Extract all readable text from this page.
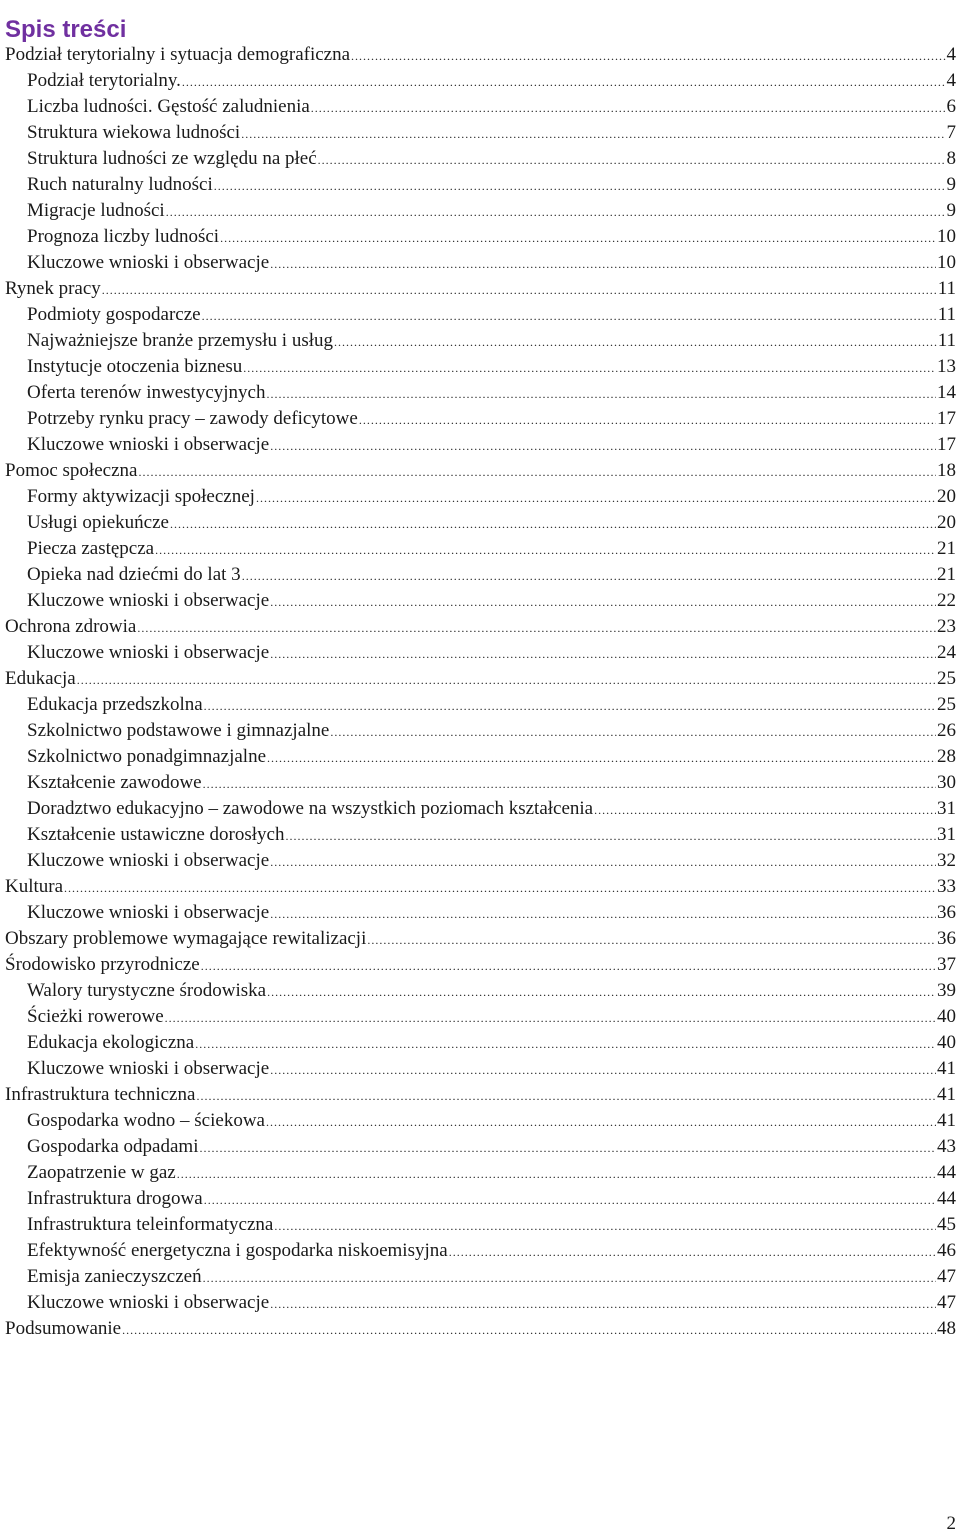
Spis treści
Podział terytorialny i sytuacja demograficzna .....	4
Podział terytorialny. .....	4
Liczba ludności. Gęstość zaludnienia .....	6
Struktura wiekowa ludności .....	7
Struktura ludności ze względu na płeć .....	8
Ruch naturalny ludności .....	9
Migracje ludności .....	9
Prognoza liczby ludności .....	10
Kluczowe wnioski i obserwacje .....	10
Rynek pracy .....	11
Podmioty gospodarcze .....	11
Najważniejsze branże przemysłu i usług .....	11
Instytucje otoczenia biznesu .....	13
Oferta terenów inwestycyjnych .....	14
Potrzeby rynku pracy – zawody deficytowe .....	17
Kluczowe wnioski i obserwacje .....	17
Pomoc społeczna .....	18
Formy aktywizacji społecznej .....	20
Usługi opiekuńcze .....	20
Piecza zastępcza .....	21
Opieka nad dziećmi do lat 3 .....	21
Kluczowe wnioski i obserwacje .....	22
Ochrona zdrowia .....	23
Kluczowe wnioski i obserwacje .....	24
Edukacja .....	25
Edukacja przedszkolna .....	25
Szkolnictwo podstawowe i gimnazjalne .....	26
Szkolnictwo ponadgimnazjalne .....	28
Kształcenie zawodowe .....	30
Doradztwo edukacyjno – zawodowe na wszystkich poziomach kształcenia .....	31
Kształcenie ustawiczne dorosłych .....	31
Kluczowe wnioski i obserwacje .....	32
Kultura .....	33
Kluczowe wnioski i obserwacje .....	36
Obszary problemowe wymagające rewitalizacji .....	36
Środowisko przyrodnicze .....	37
Walory turystyczne środowiska .....	39
Ścieżki rowerowe .....	40
Edukacja ekologiczna .....	40
Kluczowe wnioski i obserwacje .....	41
Infrastruktura techniczna .....	41
Gospodarka wodno – ściekowa .....	41
Gospodarka odpadami .....	43
Zaopatrzenie w gaz .....	44
Infrastruktura drogowa .....	44
Infrastruktura teleinformatyczna .....	45
Efektywność energetyczna i gospodarka niskoemisyjna .....	46
Emisja zanieczyszczeń .....	47
Kluczowe wnioski i obserwacje .....	47
Podsumowanie .....	48
2
